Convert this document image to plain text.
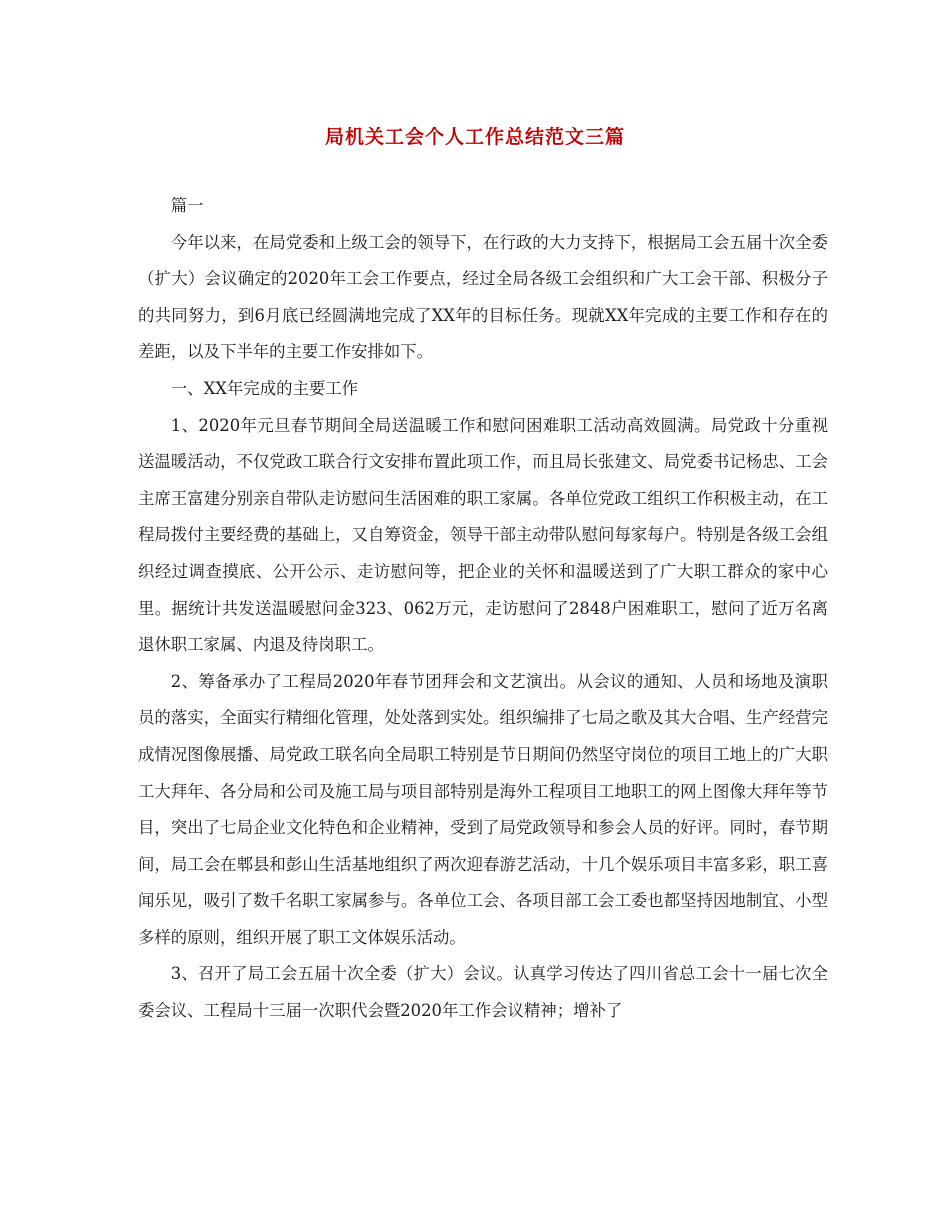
局机关工会个人工作总结范文三篇

篇一

今年以来，在局党委和上级工会的领导下，在行政的大力支持下，根据局工会五届十次全委（扩大）会议确定的2020年工会工作要点，经过全局各级工会组织和广大工会干部、积极分子的共同努力，到6月底已经圆满地完成了XX年的目标任务。现就XX年完成的主要工作和存在的差距，以及下半年的主要工作安排如下。

一、XX年完成的主要工作

1、2020年元旦春节期间全局送温暖工作和慰问困难职工活动高效圆满。局党政十分重视送温暖活动，不仅党政工联合行文安排布置此项工作，而且局长张建文、局党委书记杨忠、工会主席王富建分别亲自带队走访慰问生活困难的职工家属。各单位党政工组织工作积极主动，在工程局拨付主要经费的基础上，又自筹资金，领导干部主动带队慰问每家每户。特别是各级工会组织经过调查摸底、公开公示、走访慰问等，把企业的关怀和温暖送到了广大职工群众的家中心里。据统计共发送温暖慰问金323、062万元，走访慰问了2848户困难职工，慰问了近万名离退休职工家属、内退及待岗职工。

2、筹备承办了工程局2020年春节团拜会和文艺演出。从会议的通知、人员和场地及演职员的落实，全面实行精细化管理，处处落到实处。组织编排了七局之歌及其大合唱、生产经营完成情况图像展播、局党政工联名向全局职工特别是节日期间仍然坚守岗位的项目工地上的广大职工大拜年、各分局和公司及施工局与项目部特别是海外工程项目工地职工的网上图像大拜年等节目，突出了七局企业文化特色和企业精神，受到了局党政领导和参会人员的好评。同时，春节期间，局工会在郫县和彭山生活基地组织了两次迎春游艺活动，十几个娱乐项目丰富多彩，职工喜闻乐见，吸引了数千名职工家属参与。各单位工会、各项目部工会工委也都坚持因地制宜、小型多样的原则，组织开展了职工文体娱乐活动。

3、召开了局工会五届十次全委（扩大）会议。认真学习传达了四川省总工会十一届七次全委会议、工程局十三届一次职代会暨2020年工作会议精神；增补了
